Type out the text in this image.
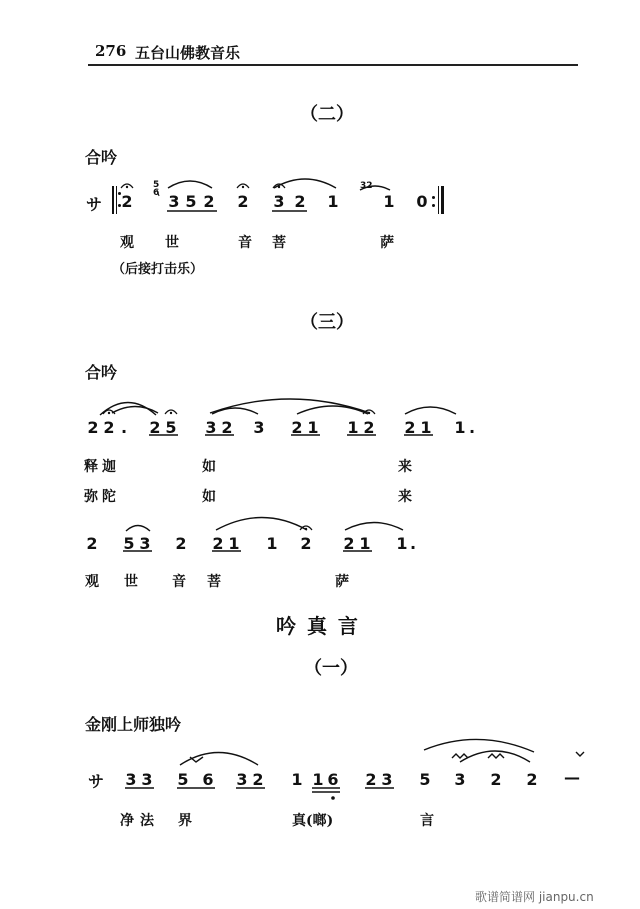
276 五台山佛教音乐
（二）
合吟
サ 2
5
6 3 5 2 2 3 2 1
32
1 0
观 世	音 菩	萨
（后接打击乐）
（三）
合吟
2 2 . 2 5 3 2 3 2 1 1 2 2 1 1 .
释 迦	如	来
弥 陀	如	来
2 5 3 2 2 1 1 2 2 1 1 .
观 世 音 菩	萨
吟 真 言
（一）
金刚上师独吟
サ 3 3 5 6 3 2 1 1 6 2 3 5 3 2 2 —
净 法 界	真(啷)	言
歌谱简谱网 jianpu.cn
